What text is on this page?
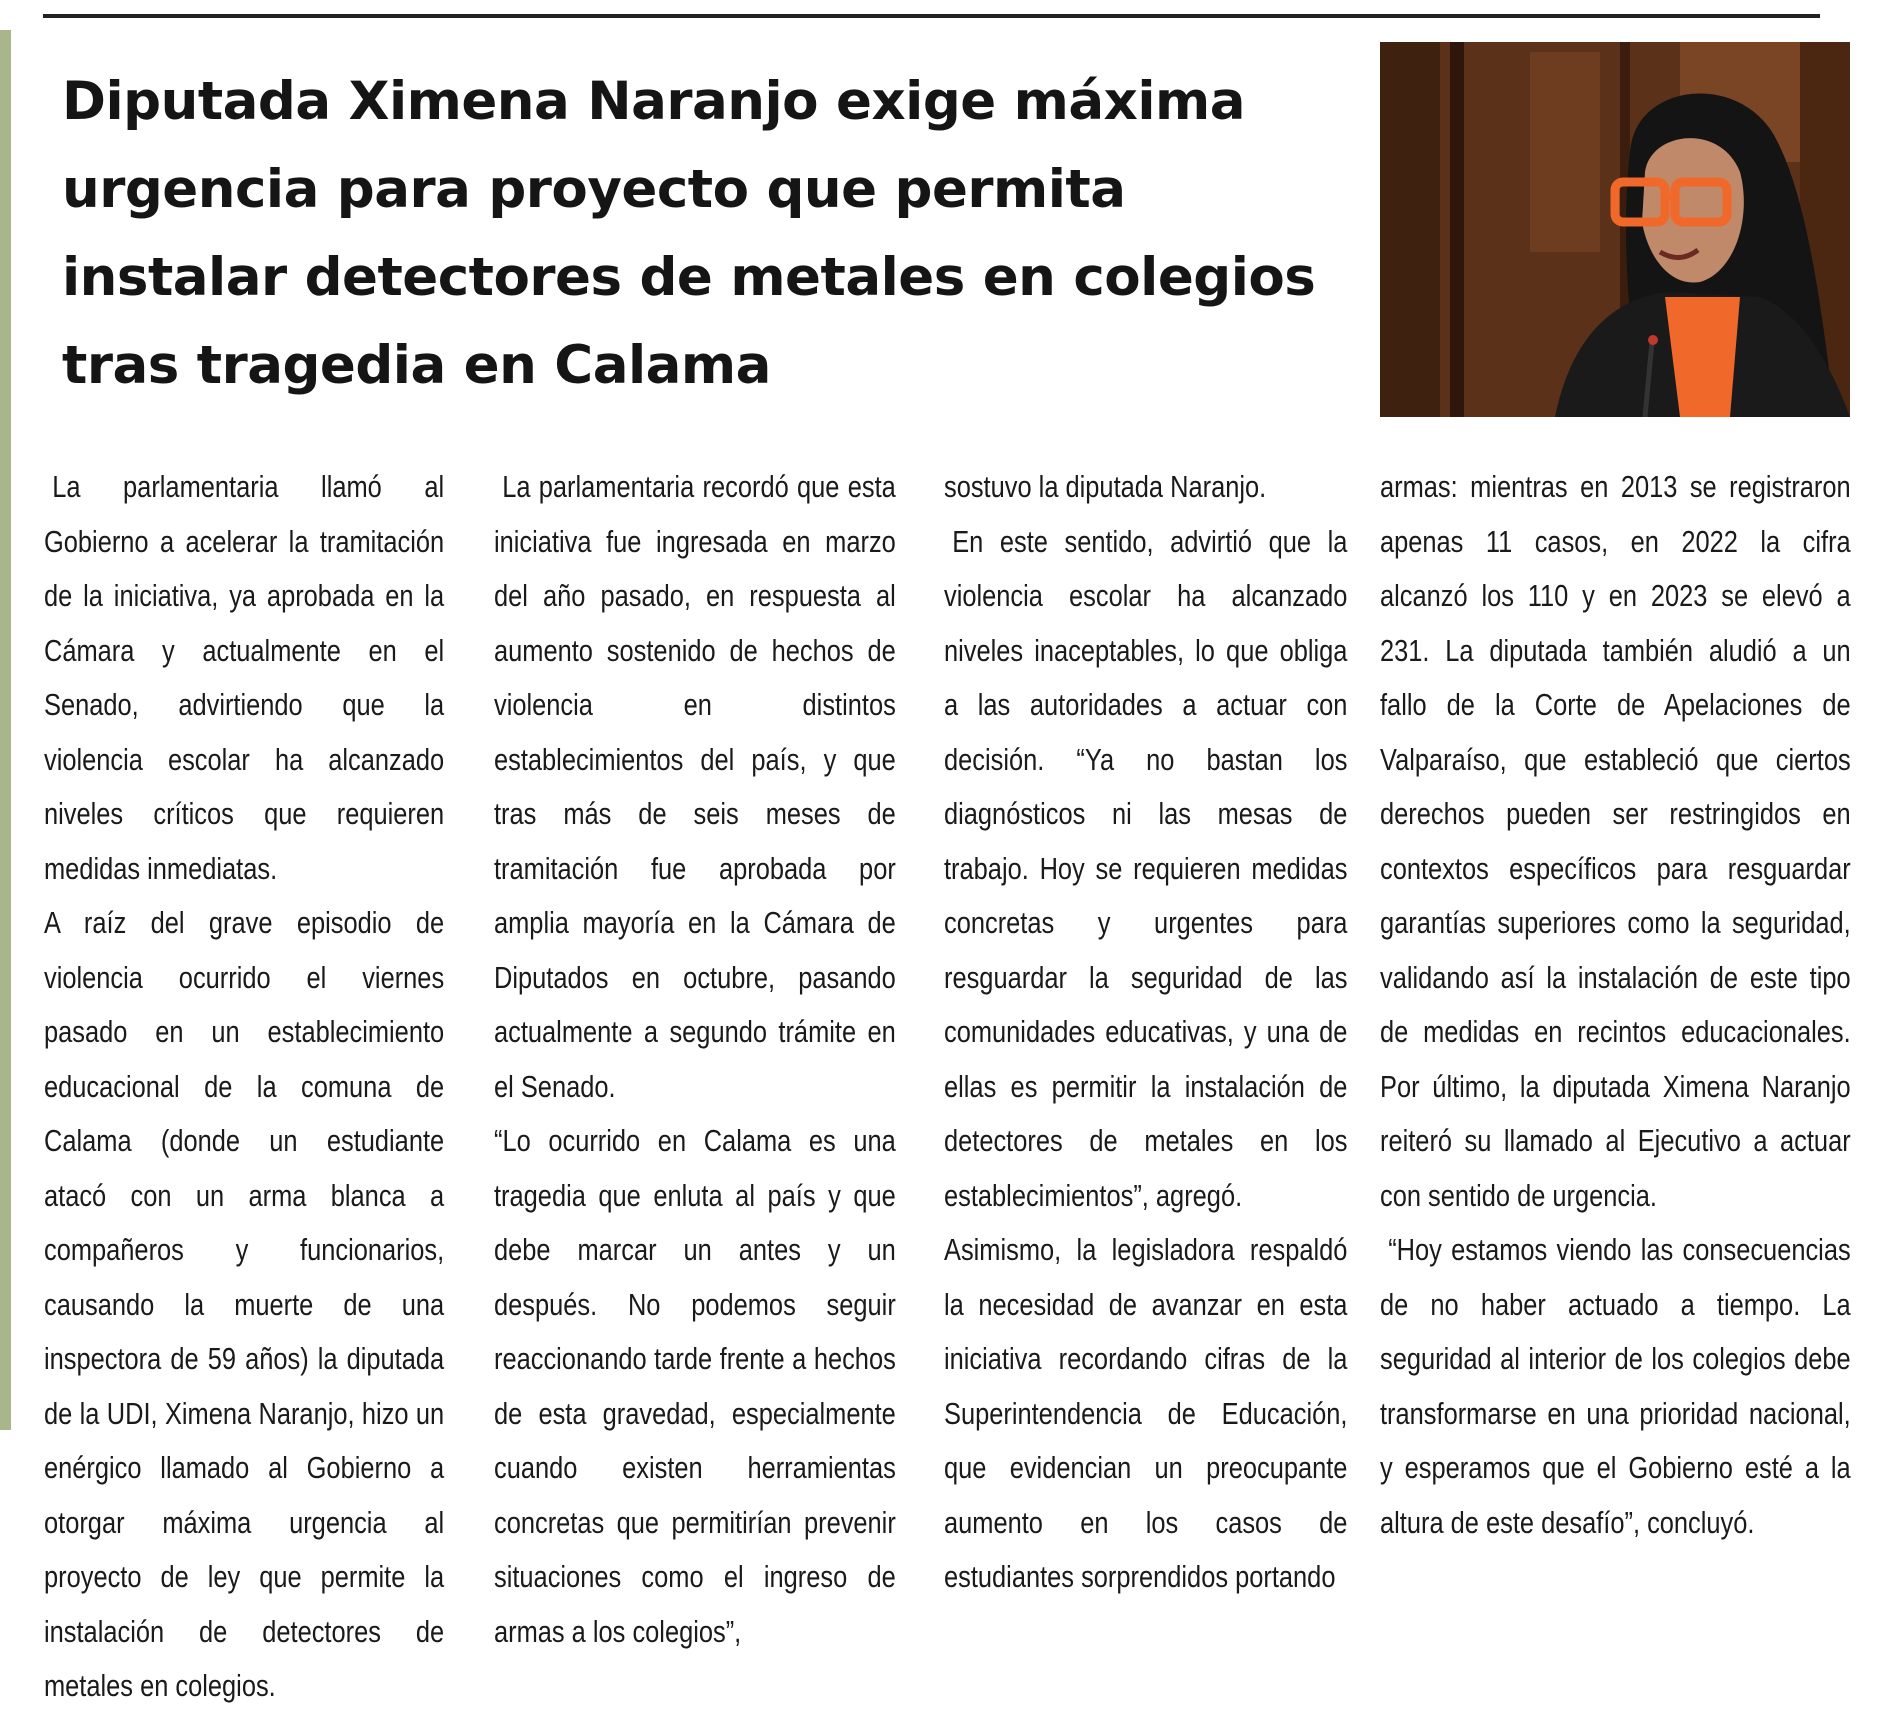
Diputada Ximena Naranjo exige máxima urgencia para proyecto que permita instalar detectores de metales en colegios tras tragedia en Calama

La parlamentaria llamó al Gobierno a acelerar la tramitación de la iniciativa, ya aprobada en la Cámara y actualmente en el Senado, advirtiendo que la violencia escolar ha alcanzado niveles críticos que requieren medidas inmediatas.

A raíz del grave episodio de violencia ocurrido el viernes pasado en un establecimiento educacional de la comuna de Calama (donde un estudiante atacó con un arma blanca a compañeros y funcionarios, causando la muerte de una inspectora de 59 años) la diputada de la UDI, Ximena Naranjo, hizo un enérgico llamado al Gobierno a otorgar máxima urgencia al proyecto de ley que permite la instalación de detectores de metales en colegios.

La parlamentaria recordó que esta iniciativa fue ingresada en marzo del año pasado, en respuesta al aumento sostenido de hechos de violencia en distintos establecimientos del país, y que tras más de seis meses de tramitación fue aprobada por amplia mayoría en la Cámara de Diputados en octubre, pasando actualmente a segundo trámite en el Senado.

“Lo ocurrido en Calama es una tragedia que enluta al país y que debe marcar un antes y un después. No podemos seguir reaccionando tarde frente a hechos de esta gravedad, especialmente cuando existen herramientas concretas que permitirían prevenir situaciones como el ingreso de armas a los colegios”,

sostuvo la diputada Naranjo.

En este sentido, advirtió que la violencia escolar ha alcanzado niveles inaceptables, lo que obliga a las autoridades a actuar con decisión. “Ya no bastan los diagnósticos ni las mesas de trabajo. Hoy se requieren medidas concretas y urgentes para resguardar la seguridad de las comunidades educativas, y una de ellas es permitir la instalación de detectores de metales en los establecimientos”, agregó.

Asimismo, la legisladora respaldó la necesidad de avanzar en esta iniciativa recordando cifras de la Superintendencia de Educación, que evidencian un preocupante aumento en los casos de estudiantes sorprendidos portando

armas: mientras en 2013 se registraron apenas 11 casos, en 2022 la cifra alcanzó los 110 y en 2023 se elevó a 231. La diputada también aludió a un fallo de la Corte de Apelaciones de Valparaíso, que estableció que ciertos derechos pueden ser restringidos en contextos específicos para resguardar garantías superiores como la seguridad, validando así la instalación de este tipo de medidas en recintos educacionales. Por último, la diputada Ximena Naranjo reiteró su llamado al Ejecutivo a actuar con sentido de urgencia.

“Hoy estamos viendo las consecuencias de no haber actuado a tiempo. La seguridad al interior de los colegios debe transformarse en una prioridad nacional, y esperamos que el Gobierno esté a la altura de este desafío”, concluyó.
